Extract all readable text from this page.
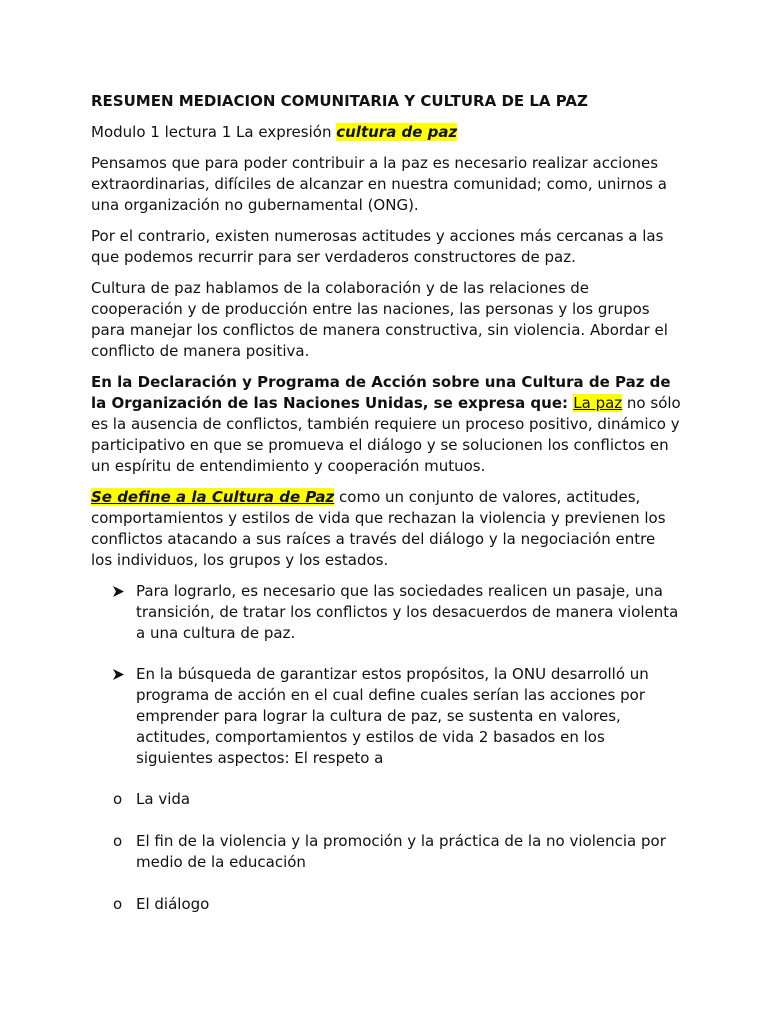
RESUMEN MEDIACION COMUNITARIA Y CULTURA DE LA PAZ

Modulo 1 lectura 1 La expresión cultura de paz

Pensamos que para poder contribuir a la paz es necesario realizar acciones extraordinarias, difíciles de alcanzar en nuestra comunidad; como, unirnos a una organización no gubernamental (ONG).

Por el contrario, existen numerosas actitudes y acciones más cercanas a las que podemos recurrir para ser verdaderos constructores de paz.

Cultura de paz hablamos de la colaboración y de las relaciones de cooperación y de producción entre las naciones, las personas y los grupos para manejar los conflictos de manera constructiva, sin violencia. Abordar el conflicto de manera positiva.

En la Declaración y Programa de Acción sobre una Cultura de Paz de la Organización de las Naciones Unidas, se expresa que: La paz no sólo es la ausencia de conflictos, también requiere un proceso positivo, dinámico y participativo en que se promueva el diálogo y se solucionen los conflictos en un espíritu de entendimiento y cooperación mutuos.

Se define a la Cultura de Paz como un conjunto de valores, actitudes, comportamientos y estilos de vida que rechazan la violencia y previenen los conflictos atacando a sus raíces a través del diálogo y la negociación entre los individuos, los grupos y los estados.

Para lograrlo, es necesario que las sociedades realicen un pasaje, una transición, de tratar los conflictos y los desacuerdos de manera violenta a una cultura de paz.
En la búsqueda de garantizar estos propósitos, la ONU desarrolló un programa de acción en el cual define cuales serían las acciones por emprender para lograr la cultura de paz, se sustenta en valores, actitudes, comportamientos y estilos de vida 2 basados en los siguientes aspectos: El respeto a
o La vida
o El fin de la violencia y la promoción y la práctica de la no violencia por medio de la educación
o El diálogo
